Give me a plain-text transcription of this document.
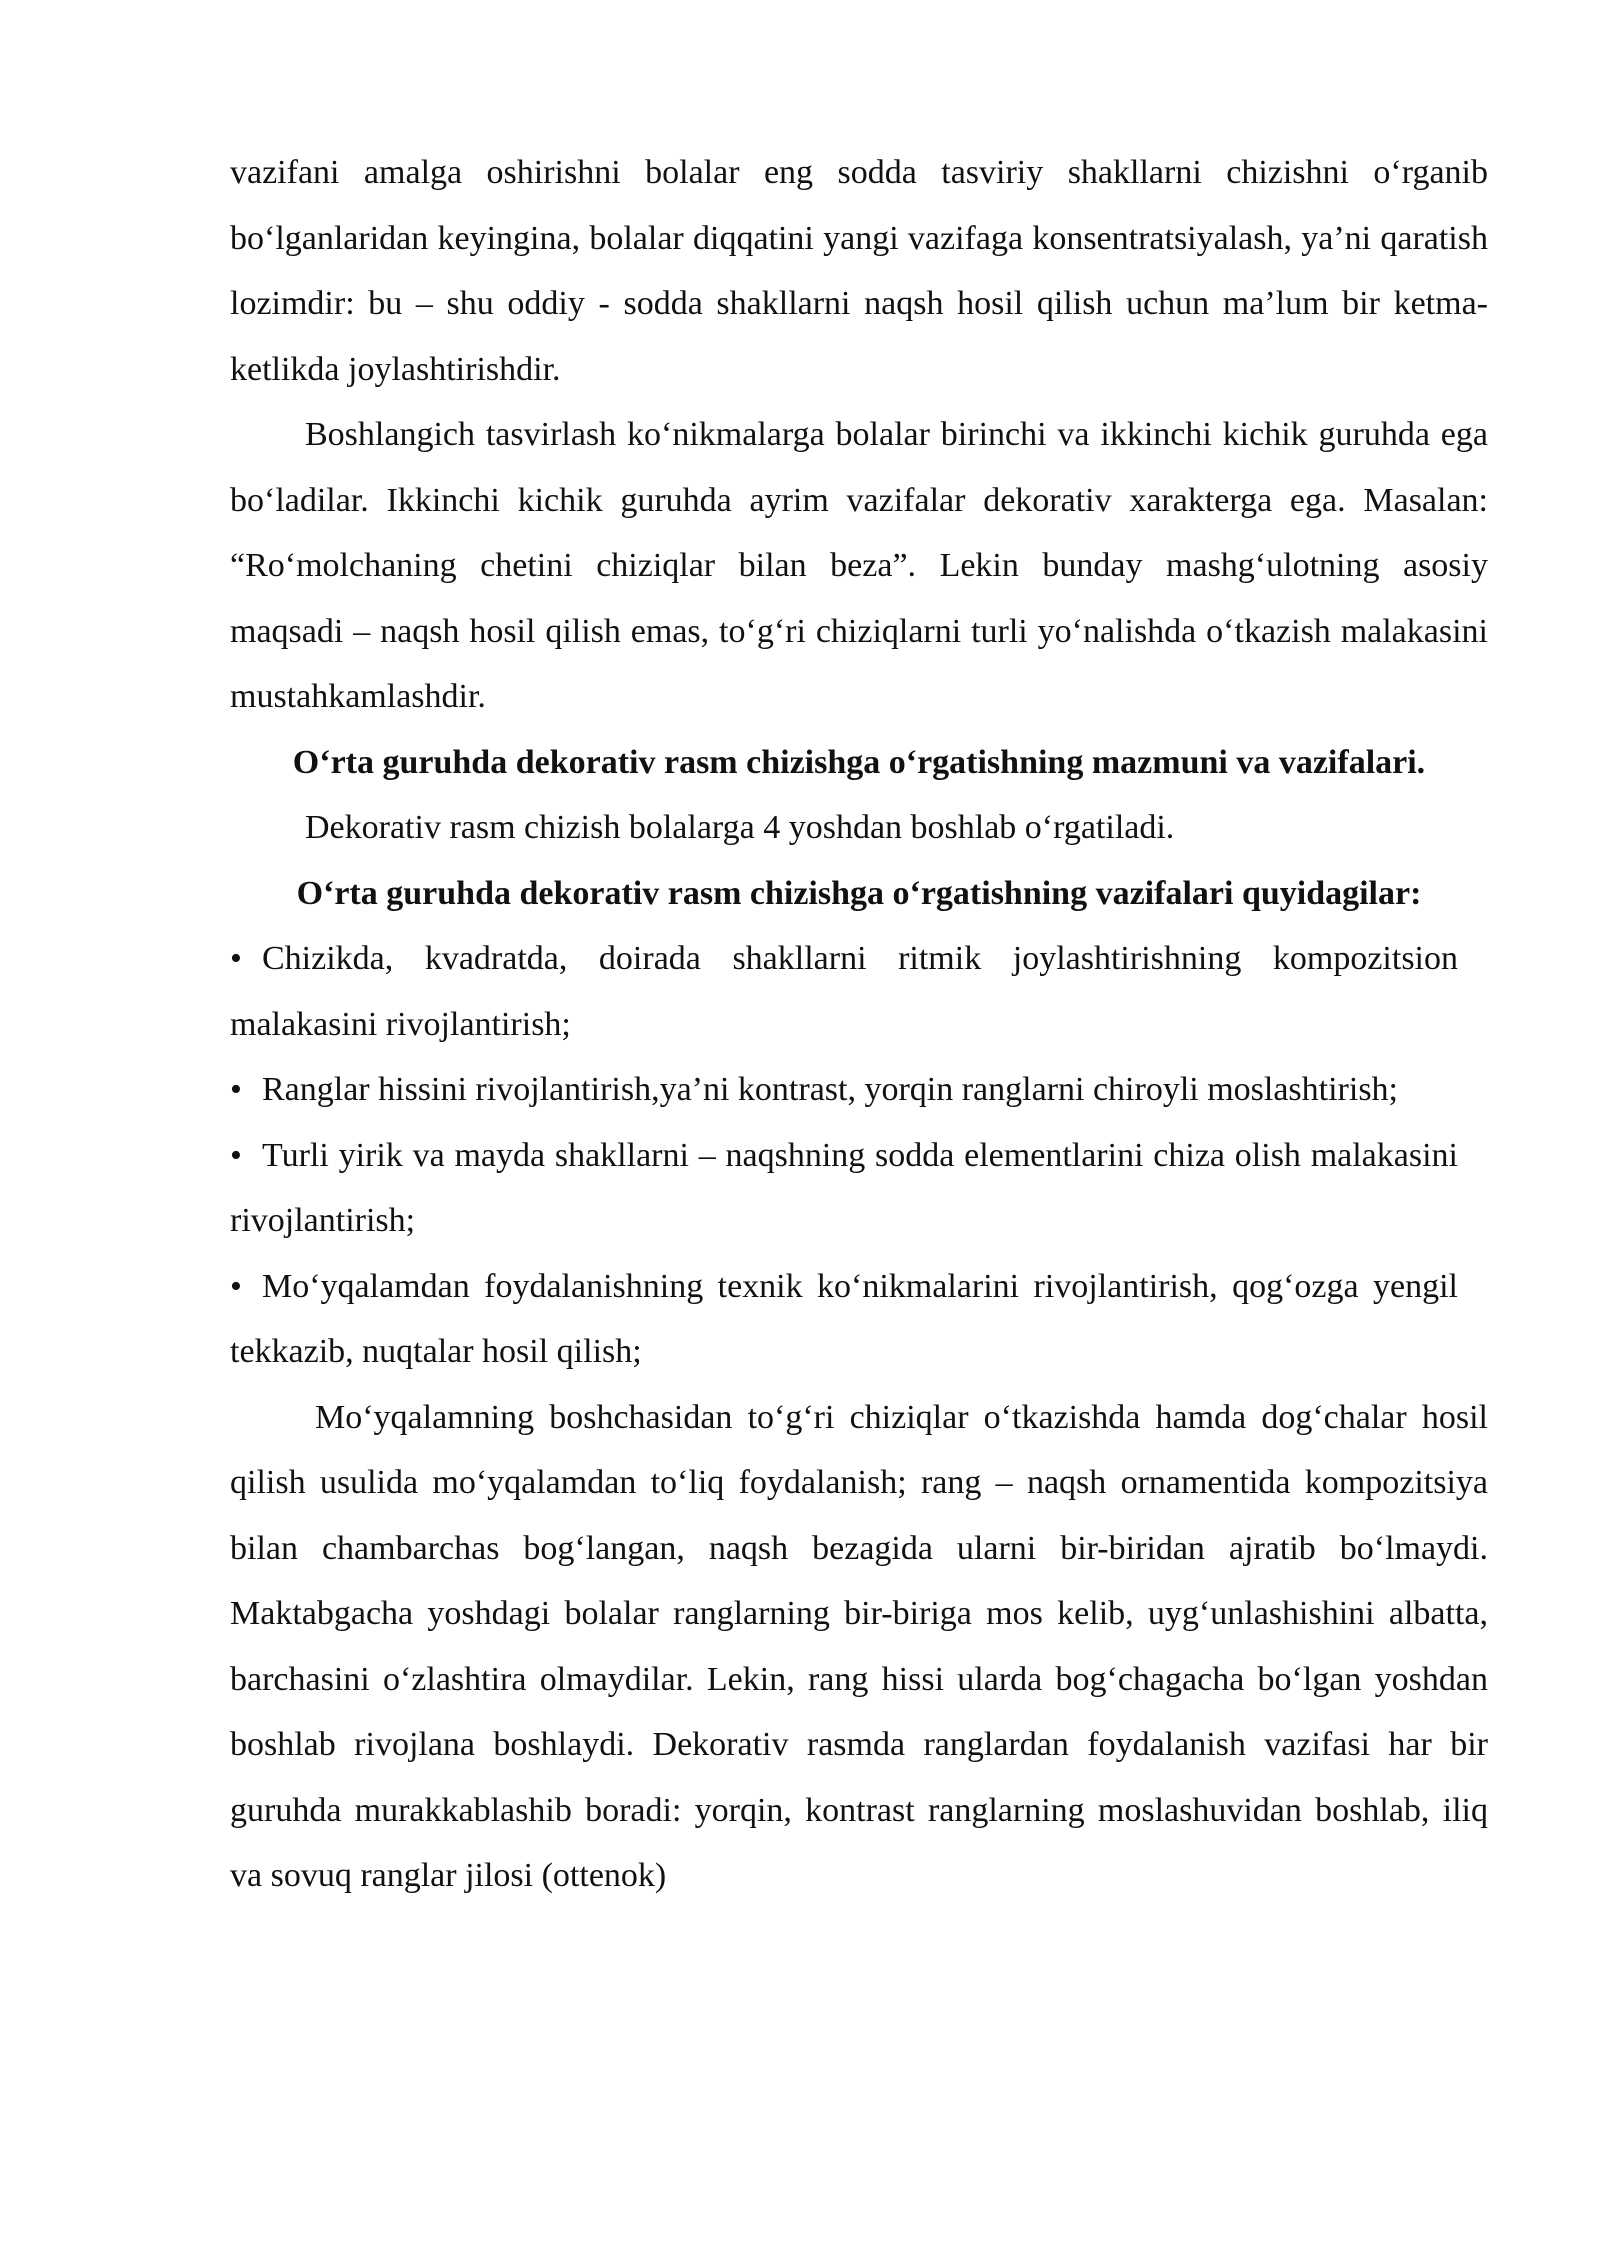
vazifani amalga oshirishni bolalar eng sodda tasviriy shakllarni chizishni o‘rganib bo‘lganlaridan keyingina, bolalar diqqatini yangi vazifaga konsentratsiyalash, ya’ni qaratish lozimdir: bu – shu oddiy - sodda shakllarni naqsh hosil qilish uchun ma’lum bir ketma-ketlikda joylashtirishdir.

Boshlangich tasvirlash ko‘nikmalarga bolalar birinchi va ikkinchi kichik guruhda ega bo‘ladilar. Ikkinchi kichik guruhda ayrim vazifalar dekorativ xarakterga ega. Masalan: “Ro‘molchaning chetini chiziqlar bilan beza”. Lekin bunday mashg‘ulotning asosiy maqsadi – naqsh hosil qilish emas, to‘g‘ri chiziqlarni turli yo‘nalishda o‘tkazish malakasini mustahkamlashdir.

O‘rta guruhda dekorativ rasm chizishga o‘rgatishning mazmuni va vazifalari.

Dekorativ rasm chizish bolalarga 4 yoshdan boshlab o‘rgatiladi.

O‘rta guruhda dekorativ rasm chizishga o‘rgatishning vazifalari quyidagilar:

• Chizikda, kvadratda, doirada shakllarni ritmik joylashtirishning kompozitsion malakasini rivojlantirish;

• Ranglar hissini rivojlantirish,ya’ni kontrast, yorqin ranglarni chiroyli moslashtirish;

• Turli yirik va mayda shakllarni – naqshning sodda elementlarini chiza olish malakasini rivojlantirish;

• Mo‘yqalamdan foydalanishning texnik ko‘nikmalarini rivojlantirish, qog‘ozga yengil tekkazib, nuqtalar hosil qilish;

Mo‘yqalamning boshchasidan to‘g‘ri chiziqlar o‘tkazishda hamda dog‘chalar hosil qilish usulida mo‘yqalamdan to‘liq foydalanish; rang – naqsh ornamentida kompozitsiya bilan chambarchas bog‘langan, naqsh bezagida ularni bir-biridan ajratib bo‘lmaydi. Maktabgacha yoshdagi bolalar ranglarning bir-biriga mos kelib, uyg‘unlashishini albatta, barchasini o‘zlashtira olmaydilar. Lekin, rang hissi ularda bog‘chagacha bo‘lgan yoshdan boshlab rivojlana boshlaydi. Dekorativ rasmda ranglardan foydalanish vazifasi har bir guruhda murakkablashib boradi: yorqin, kontrast ranglarning moslashuvidan boshlab, iliq va sovuq ranglar jilosi (ottenok)
